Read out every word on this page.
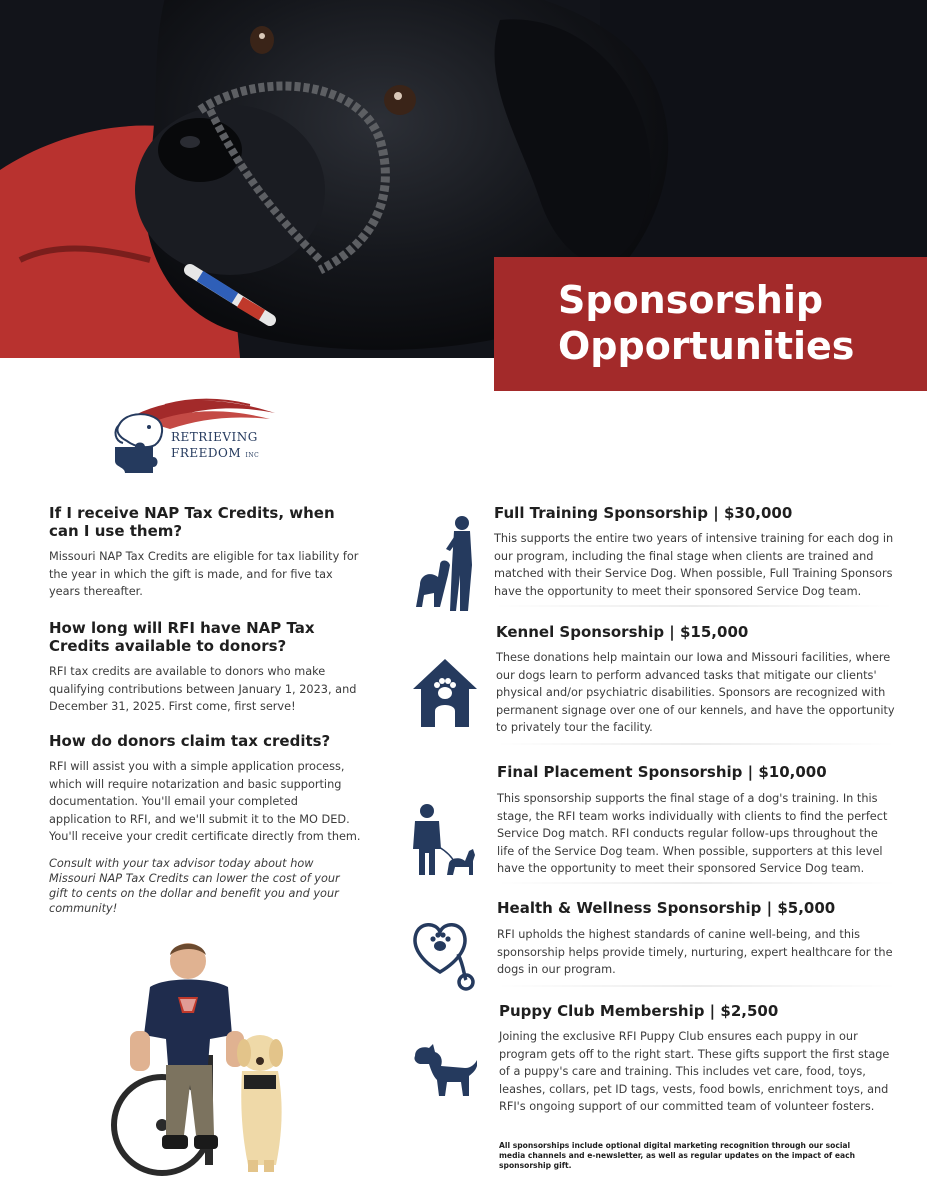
Sponsorship
Opportunities
RETRIEVING
FREEDOM INC
If I receive NAP Tax Credits, when can I use them?
Missouri NAP Tax Credits are eligible for tax liability for the year in which the gift is made, and for five tax years thereafter.
How long will RFI have NAP Tax Credits available to donors?
RFI tax credits are available to donors who make qualifying contributions between January 1, 2023, and December 31, 2025. First come, first serve!
How do donors claim tax credits?
RFI will assist you with a simple application process, which will require notarization and basic supporting documentation. You'll email your completed application to RFI, and we'll submit it to the MO DED. You'll receive your credit certificate directly from them.
Consult with your tax advisor today about how Missouri NAP Tax Credits can lower the cost of your gift to cents on the dollar and benefit you and your community!
Full Training Sponsorship | $30,000
This supports the entire two years of intensive training for each dog in our program, including the final stage when clients are trained and matched with their Service Dog. When possible, Full Training Sponsors have the opportunity to meet their sponsored Service Dog team.
Kennel Sponsorship | $15,000
These donations help maintain our Iowa and Missouri facilities, where our dogs learn to perform advanced tasks that mitigate our clients' physical and/or psychiatric disabilities. Sponsors are recognized with permanent signage over one of our kennels, and have the opportunity to privately tour the facility.
Final Placement Sponsorship | $10,000
This sponsorship supports the final stage of a dog's training. In this stage, the RFI team works individually with clients to find the perfect Service Dog match. RFI conducts regular follow-ups throughout the life of the Service Dog team. When possible, supporters at this level have the opportunity to meet their sponsored Service Dog team.
Health & Wellness Sponsorship | $5,000
RFI upholds the highest standards of canine well-being, and this sponsorship helps provide timely, nurturing, expert healthcare for the dogs in our program.
Puppy Club Membership | $2,500
Joining the exclusive RFI Puppy Club ensures each puppy in our program gets off to the right start. These gifts support the first stage of a puppy's care and training. This includes vet care, food, toys, leashes, collars, pet ID tags, vests, food bowls, enrichment toys, and RFI's ongoing support of our committed team of volunteer fosters.
All sponsorships include optional digital marketing recognition through our social media channels and e-newsletter, as well as regular updates on the impact of each sponsorship gift.
